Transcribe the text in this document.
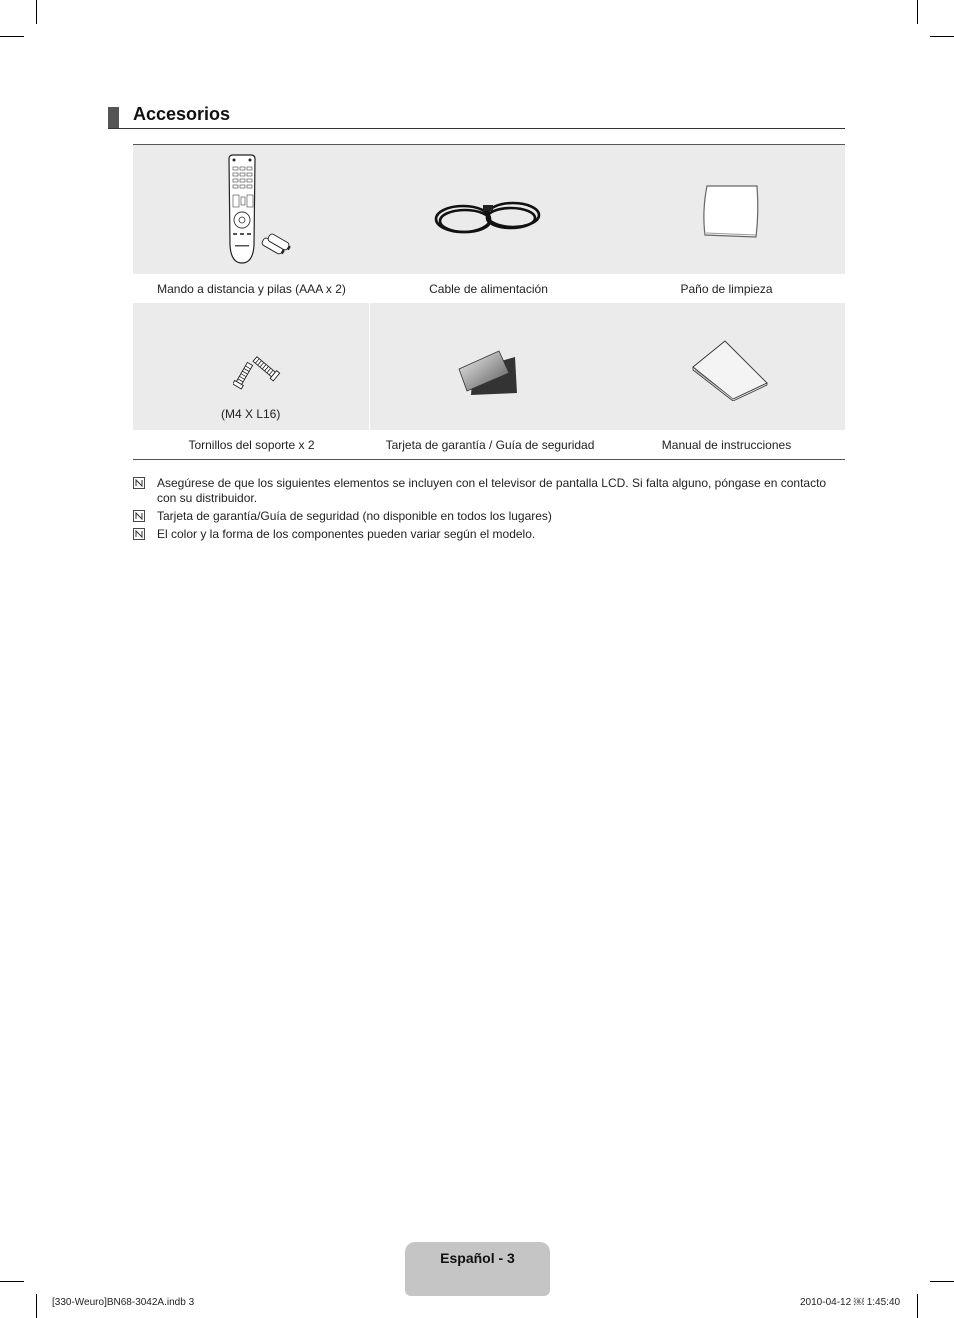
Accesorios
Mando a distancia y pilas (AAA x 2)	Cable de alimentación	Paño de limpieza
(M4 X L16)
Tornillos del soporte x 2	Tarjeta de garantía / Guía de seguridad	Manual de instrucciones
Asegúrese de que los siguientes elementos se incluyen con el televisor de pantalla LCD. Si falta alguno, póngase en contacto con su distribuidor.
Tarjeta de garantía/Guía de seguridad (no disponible en todos los lugares)
El color y la forma de los componentes pueden variar según el modelo.
Español - 3
[330-Weuro]BN68-3042A.indb 3	2010-04-12 ￼ 1:45:40
